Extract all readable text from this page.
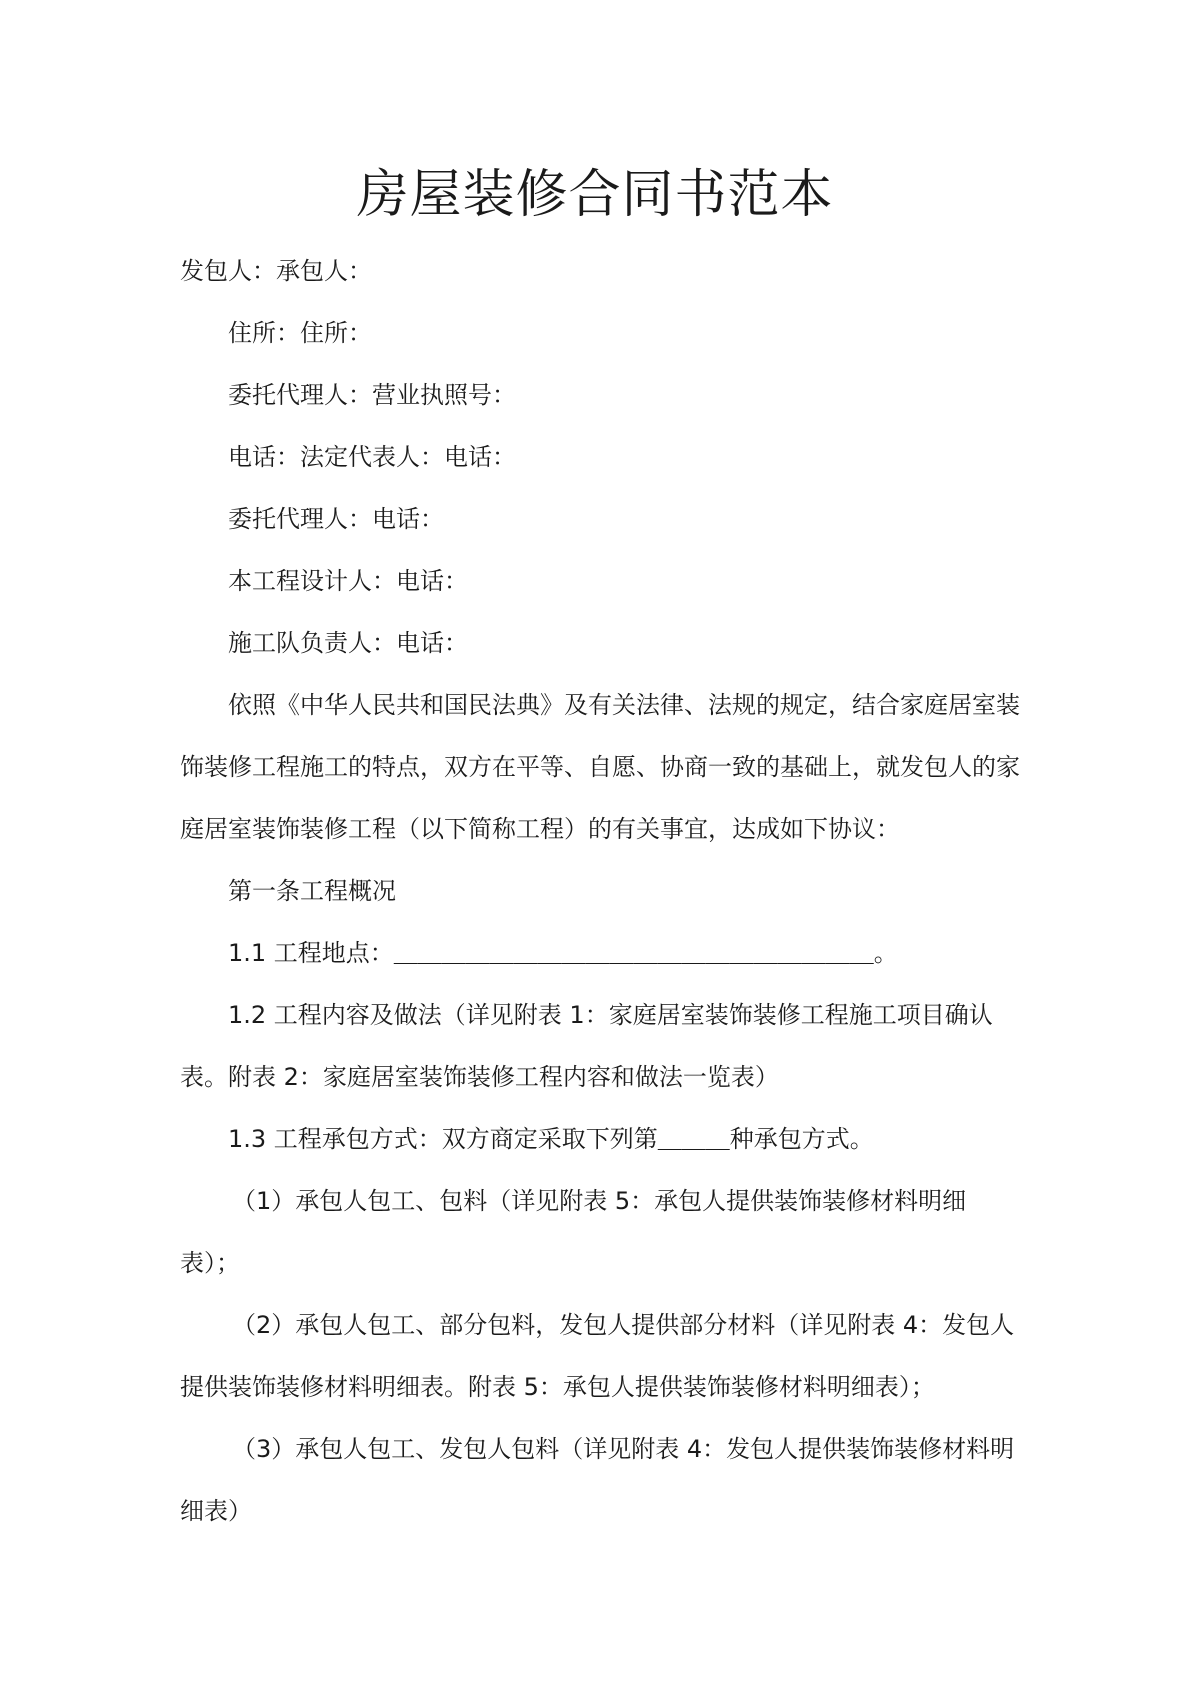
房屋装修合同书范本

发包人：承包人：

住所：住所：

委托代理人：营业执照号：

电话：法定代表人：电话：

委托代理人：电话：

本工程设计人：电话：

施工队负责人：电话：

依照《中华人民共和国民法典》及有关法律、法规的规定，结合家庭居室装饰装修工程施工的特点，双方在平等、自愿、协商一致的基础上，就发包人的家庭居室装饰装修工程（以下简称工程）的有关事宜，达成如下协议：

第一条工程概况

1.1 工程地点：＿＿＿＿＿＿＿＿＿＿＿＿＿＿＿＿＿＿＿＿。

1.2 工程内容及做法（详见附表 1：家庭居室装饰装修工程施工项目确认表。附表 2：家庭居室装饰装修工程内容和做法一览表）

1.3 工程承包方式：双方商定采取下列第＿＿＿种承包方式。

（1）承包人包工、包料（详见附表 5：承包人提供装饰装修材料明细表）；

（2）承包人包工、部分包料，发包人提供部分材料（详见附表 4：发包人提供装饰装修材料明细表。附表 5：承包人提供装饰装修材料明细表）；

（3）承包人包工、发包人包料（详见附表 4：发包人提供装饰装修材料明细表）
